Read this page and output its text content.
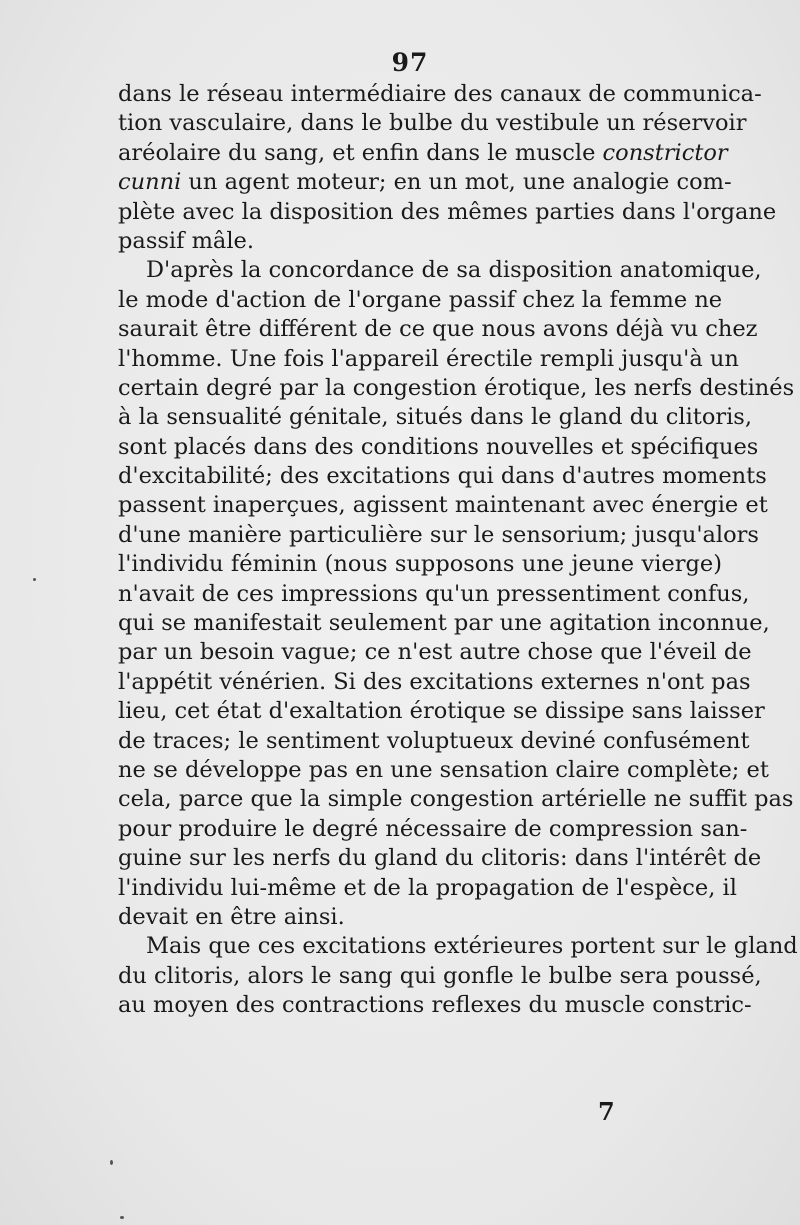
97
dans le réseau intermédiaire des canaux de communica-
tion vasculaire, dans le bulbe du vestibule un réservoir
aréolaire du sang, et enfin dans le muscle constrictor
cunni un agent moteur; en un mot, une analogie com-
plète avec la disposition des mêmes parties dans l'organe
passif mâle.
D'après la concordance de sa disposition anatomique,
le mode d'action de l'organe passif chez la femme ne
saurait être différent de ce que nous avons déjà vu chez
l'homme. Une fois l'appareil érectile rempli jusqu'à un
certain degré par la congestion érotique, les nerfs destinés
à la sensualité génitale, situés dans le gland du clitoris,
sont placés dans des conditions nouvelles et spécifiques
d'excitabilité; des excitations qui dans d'autres moments
passent inaperçues, agissent maintenant avec énergie et
d'une manière particulière sur le sensorium; jusqu'alors
l'individu féminin (nous supposons une jeune vierge)
n'avait de ces impressions qu'un pressentiment confus,
qui se manifestait seulement par une agitation inconnue,
par un besoin vague; ce n'est autre chose que l'éveil de
l'appétit vénérien. Si des excitations externes n'ont pas
lieu, cet état d'exaltation érotique se dissipe sans laisser
de traces; le sentiment voluptueux deviné confusément
ne se développe pas en une sensation claire complète; et
cela, parce que la simple congestion artérielle ne suffit pas
pour produire le degré nécessaire de compression san-
guine sur les nerfs du gland du clitoris: dans l'intérêt de
l'individu lui-même et de la propagation de l'espèce, il
devait en être ainsi.
Mais que ces excitations extérieures portent sur le gland
du clitoris, alors le sang qui gonfle le bulbe sera poussé,
au moyen des contractions reflexes du muscle constric-
7
